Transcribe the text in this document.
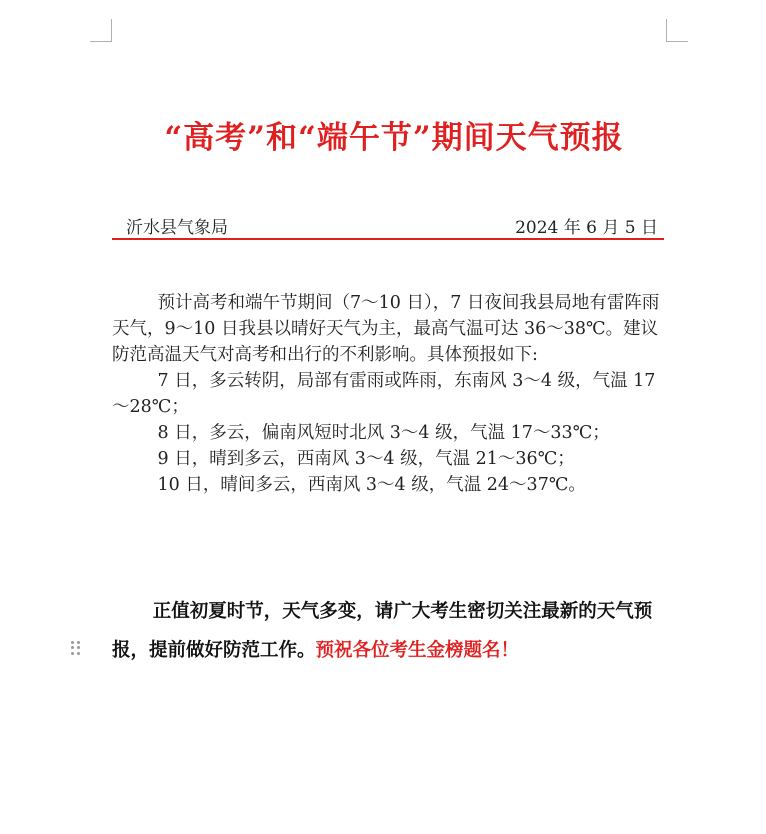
“高考”和“端午节”期间天气预报
沂水县气象局	2024 年 6 月 5 日

预计高考和端午节期间（7～10 日），7 日夜间我县局地有雷阵雨天气，9～10 日我县以晴好天气为主，最高气温可达 36～38℃。建议防范高温天气对高考和出行的不利影响。具体预报如下:

7 日，多云转阴，局部有雷雨或阵雨，东南风 3～4 级，气温 17～28℃；

8 日，多云，偏南风短时北风 3～4 级，气温 17～33℃；

9 日，晴到多云，西南风 3～4 级，气温 21～36℃；

10 日，晴间多云，西南风 3～4 级，气温 24～37℃。

正值初夏时节，天气多变，请广大考生密切关注最新的天气预报，提前做好防范工作。预祝各位考生金榜题名！
